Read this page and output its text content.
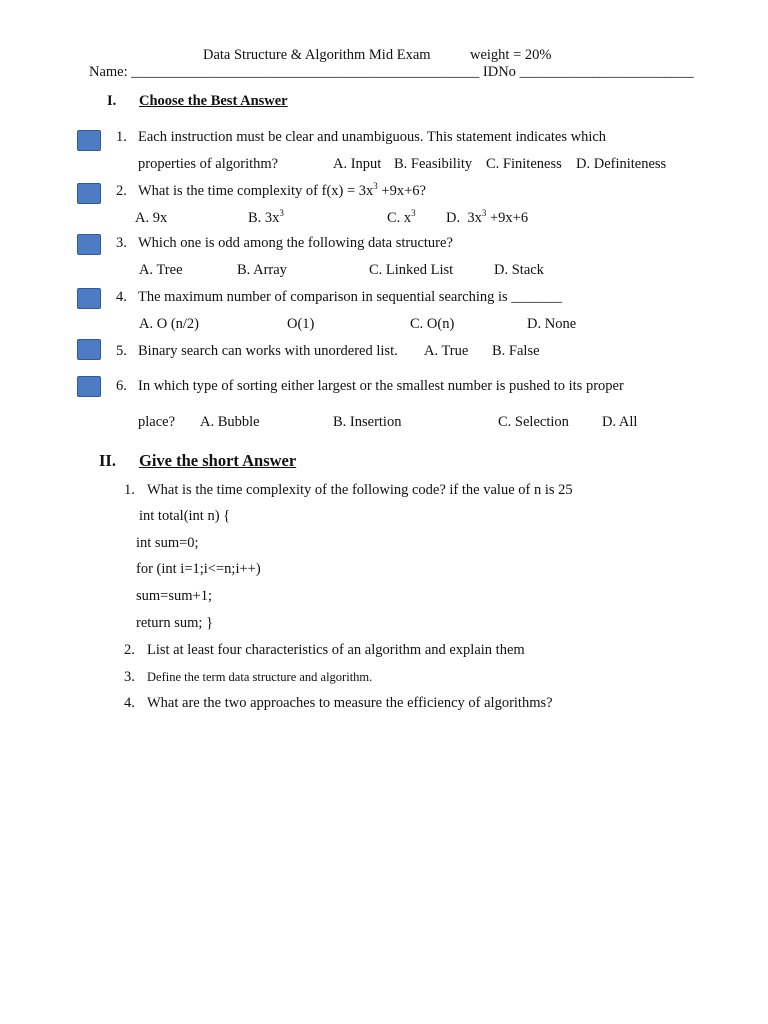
Data Structure & Algorithm Mid Exam	weight = 20%
Name: ________________________________________________ IDNo ________________________
I. Choose the Best Answer
1. Each instruction must be clear and unambiguous. This statement indicates which
properties of algorithm?	A. Input B. Feasibility C. Finiteness D. Definiteness
2. What is the time complexity of $f(x) = 3x^3 +9x+6$?
A. 9x	B. $3x^3$	C. $x^3$ D. $3x^3 +9x+6$
3. Which one is odd among the following data structure?
A. Tree	B. Array	C. Linked List	D. Stack
4. The maximum number of comparison in sequential searching is _______
A. O (n/2)	O(1)	C. O(n)	D. None
5. Binary search can works with unordered list. A. True B. False
6. In which type of sorting either largest or the smallest number is pushed to its proper
place? A. Bubble	B. Insertion	C. Selection D. All
II. Give the short Answer
1. What is the time complexity of the following code? if the value of n is 25
int total(int n) {
int sum=0;
for (int i=1;i<=n;i++)
sum=sum+1;
return sum; }
2. List at least four characteristics of an algorithm and explain them
3. Define the term data structure and algorithm.
4. What are the two approaches to measure the efficiency of algorithms?
